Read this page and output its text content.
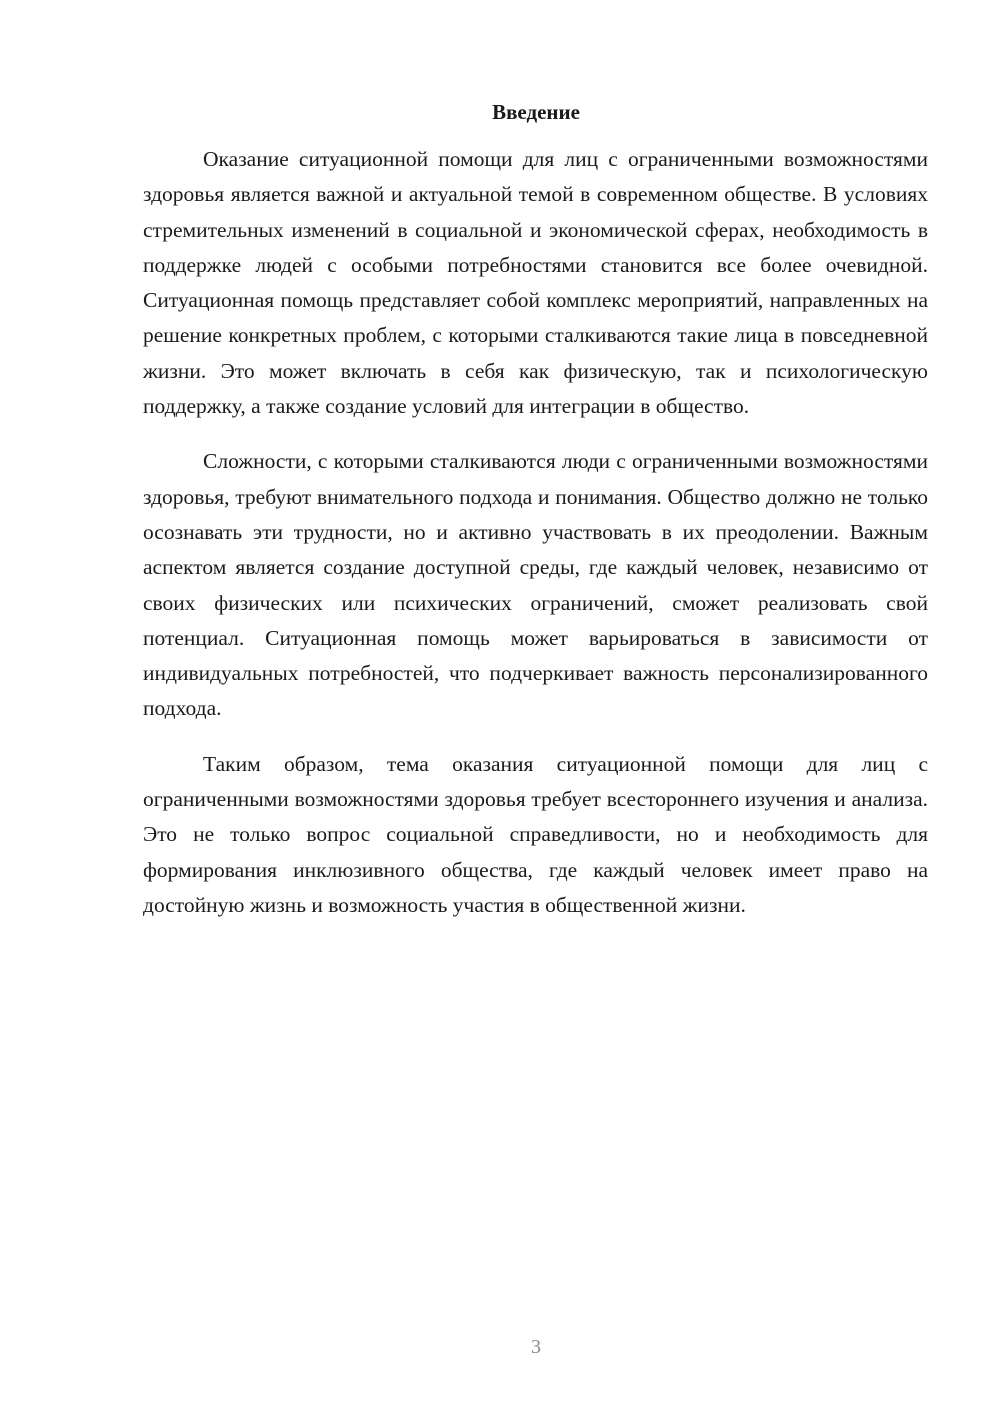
Введение

Оказание ситуационной помощи для лиц с ограниченными возможностями здоровья является важной и актуальной темой в современном обществе. В условиях стремительных изменений в социальной и экономической сферах, необходимость в поддержке людей с особыми потребностями становится все более очевидной. Ситуационная помощь представляет собой комплекс мероприятий, направленных на решение конкретных проблем, с которыми сталкиваются такие лица в повседневной жизни. Это может включать в себя как физическую, так и психологическую поддержку, а также создание условий для интеграции в общество.

Сложности, с которыми сталкиваются люди с ограниченными возможностями здоровья, требуют внимательного подхода и понимания. Общество должно не только осознавать эти трудности, но и активно участвовать в их преодолении. Важным аспектом является создание доступной среды, где каждый человек, независимо от своих физических или психических ограничений, сможет реализовать свой потенциал. Ситуационная помощь может варьироваться в зависимости от индивидуальных потребностей, что подчеркивает важность персонализированного подхода.

Таким образом, тема оказания ситуационной помощи для лиц с ограниченными возможностями здоровья требует всестороннего изучения и анализа. Это не только вопрос социальной справедливости, но и необходимость для формирования инклюзивного общества, где каждый человек имеет право на достойную жизнь и возможность участия в общественной жизни.

3
